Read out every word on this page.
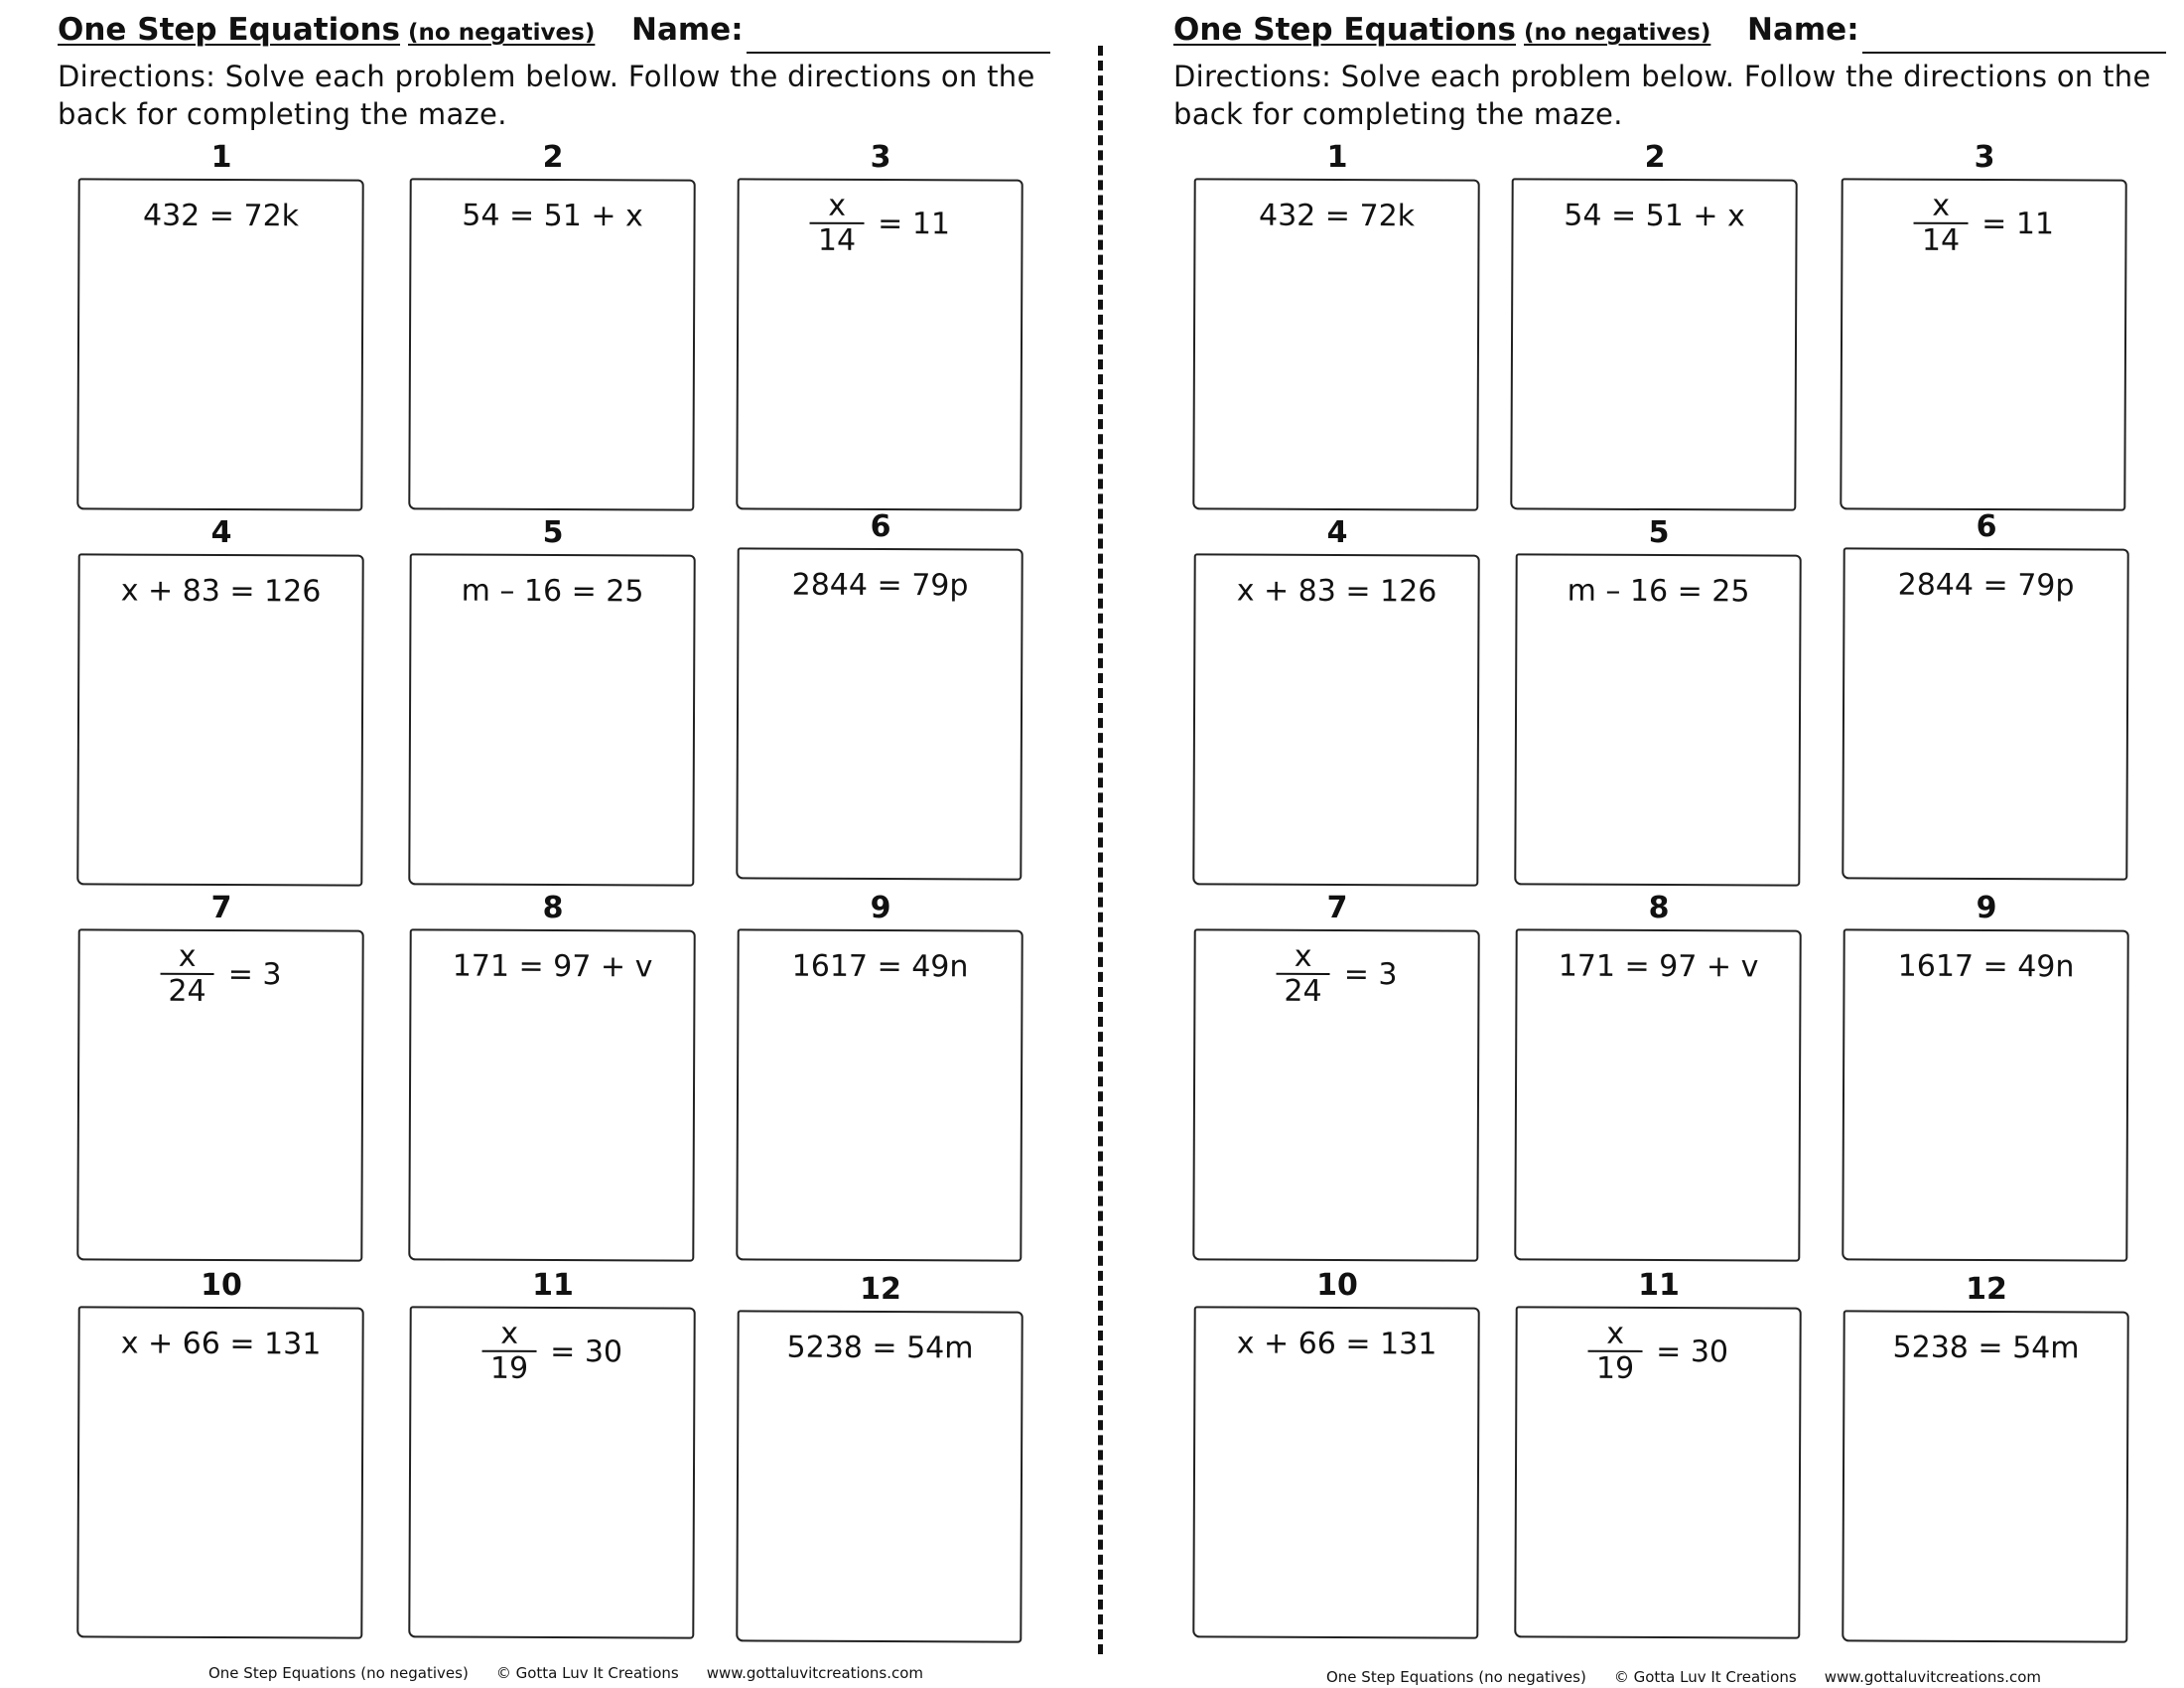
One Step Equations (no negatives) Name:
Directions: Solve each problem below. Follow the directions on the back for completing the maze.
1
432 = 72k
2
54 = 51 + x
3
$\frac{x}{14} = 11$
4
x + 83 = 126
5
m – 16 = 25
6
2844 = 79p
7
$\frac{x}{24} = 3$
8
171 = 97 + v
9
1617 = 49n
10
x + 66 = 131
11
$\frac{x}{19} = 30$
12
5238 = 54m
One Step Equations (no negatives) © Gotta Luv It Creations www.gottaluvitcreations.com
One Step Equations (no negatives) Name:
Directions: Solve each problem below. Follow the directions on the back for completing the maze.
1
432 = 72k
2
54 = 51 + x
3
$\frac{x}{14} = 11$
4
x + 83 = 126
5
m – 16 = 25
6
2844 = 79p
7
$\frac{x}{24} = 3$
8
171 = 97 + v
9
1617 = 49n
10
x + 66 = 131
11
$\frac{x}{19} = 30$
12
5238 = 54m
One Step Equations (no negatives) © Gotta Luv It Creations www.gottaluvitcreations.com
